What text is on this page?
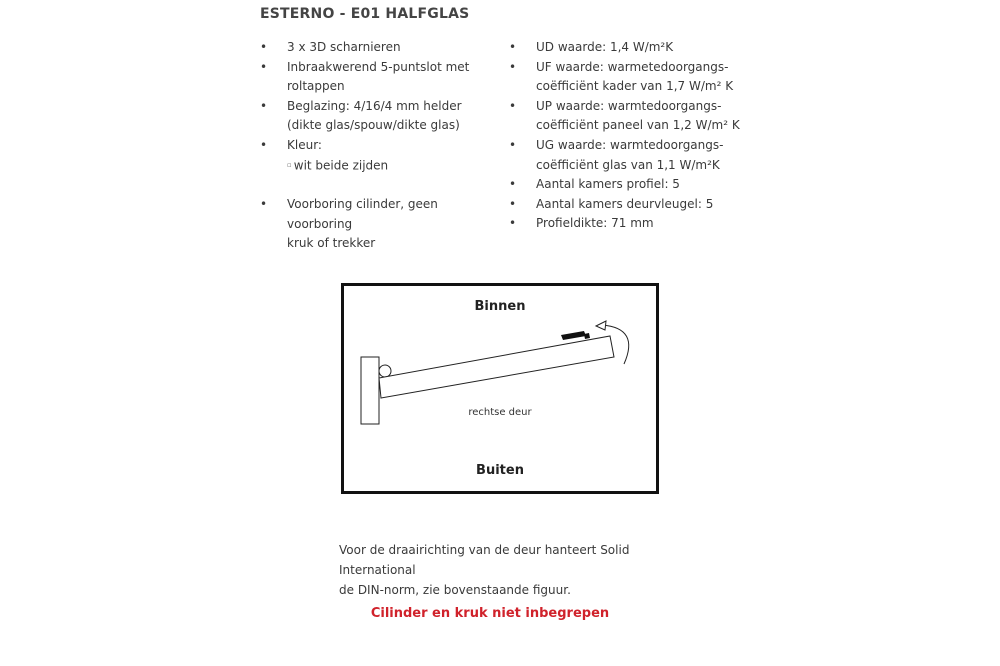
ESTERNO - E01 HALFGLAS
• 3 x 3D scharnieren
• Inbraakwerend 5-puntslot met
roltappen
• Beglazing: 4/16/4 mm helder
(dikte glas/spouw/dikte glas)
• Kleur:
▫ wit beide zijden
• Voorboring cilinder, geen voorboring
kruk of trekker
• UD waarde: 1,4 W/m²K
• UF waarde: warmetedoorgangs-
coëfficiënt kader van 1,7 W/m² K
• UP waarde: warmtedoorgangs-
coëfficiënt paneel van 1,2 W/m² K
• UG waarde: warmtedoorgangs-
coëfficiënt glas van 1,1 W/m²K
• Aantal kamers profiel: 5
• Aantal kamers deurvleugel: 5
• Profieldikte: 71 mm
Binnen
rechtse deur
Buiten
Voor de draairichting van de deur hanteert Solid International
de DIN-norm, zie bovenstaande figuur.
Cilinder en kruk niet inbegrepen
